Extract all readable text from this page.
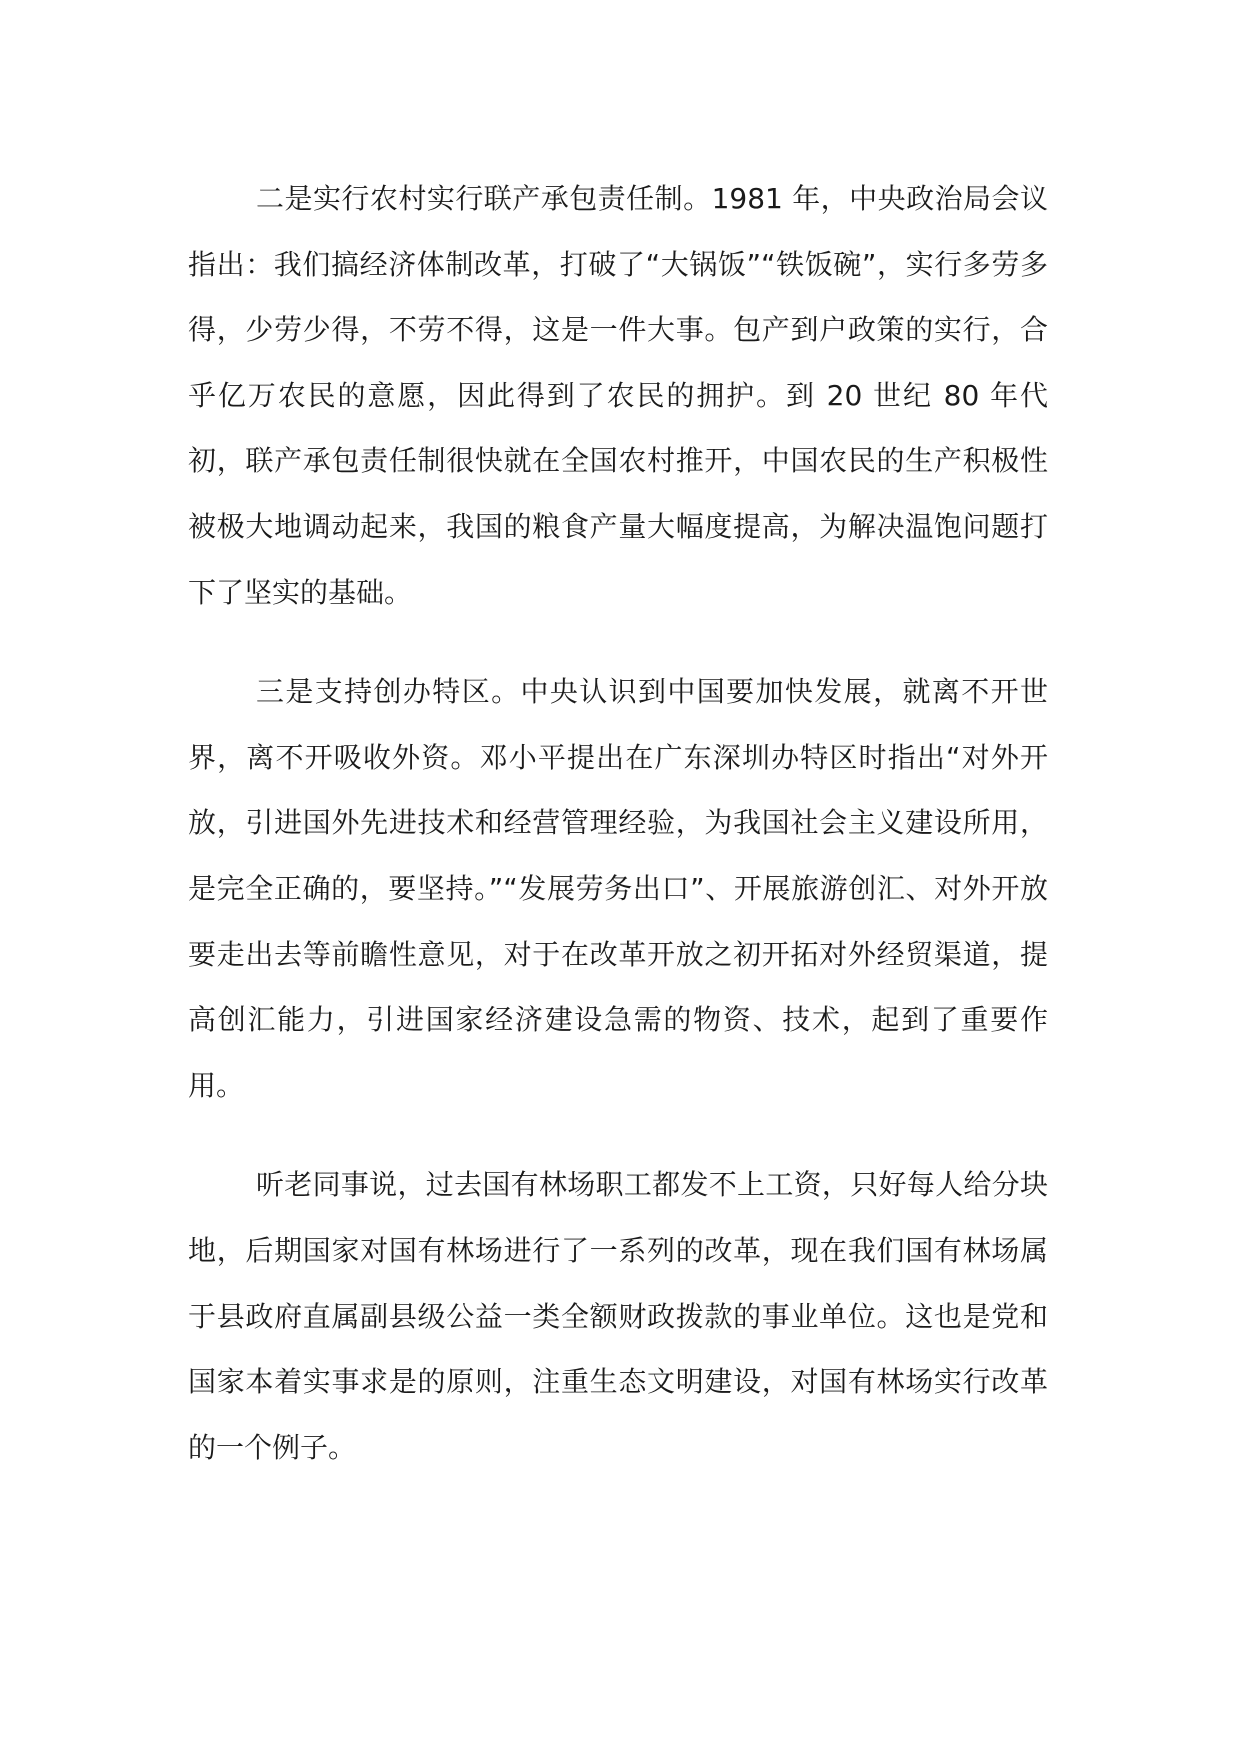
二是实行农村实行联产承包责任制。1981 年，中央政治局会议指出：我们搞经济体制改革，打破了“大锅饭”“铁饭碗”，实行多劳多得，少劳少得，不劳不得，这是一件大事。包产到户政策的实行，合乎亿万农民的意愿，因此得到了农民的拥护。到 20 世纪 80 年代初，联产承包责任制很快就在全国农村推开，中国农民的生产积极性被极大地调动起来，我国的粮食产量大幅度提高，为解决温饱问题打下了坚实的基础。

三是支持创办特区。中央认识到中国要加快发展，就离不开世界，离不开吸收外资。邓小平提出在广东深圳办特区时指出“对外开放，引进国外先进技术和经营管理经验，为我国社会主义建设所用，是完全正确的，要坚持。”“发展劳务出口”、开展旅游创汇、对外开放要走出去等前瞻性意见，对于在改革开放之初开拓对外经贸渠道，提高创汇能力，引进国家经济建设急需的物资、技术，起到了重要作用。

听老同事说，过去国有林场职工都发不上工资，只好每人给分块地，后期国家对国有林场进行了一系列的改革，现在我们国有林场属于县政府直属副县级公益一类全额财政拨款的事业单位。这也是党和国家本着实事求是的原则，注重生态文明建设，对国有林场实行改革的一个例子。
